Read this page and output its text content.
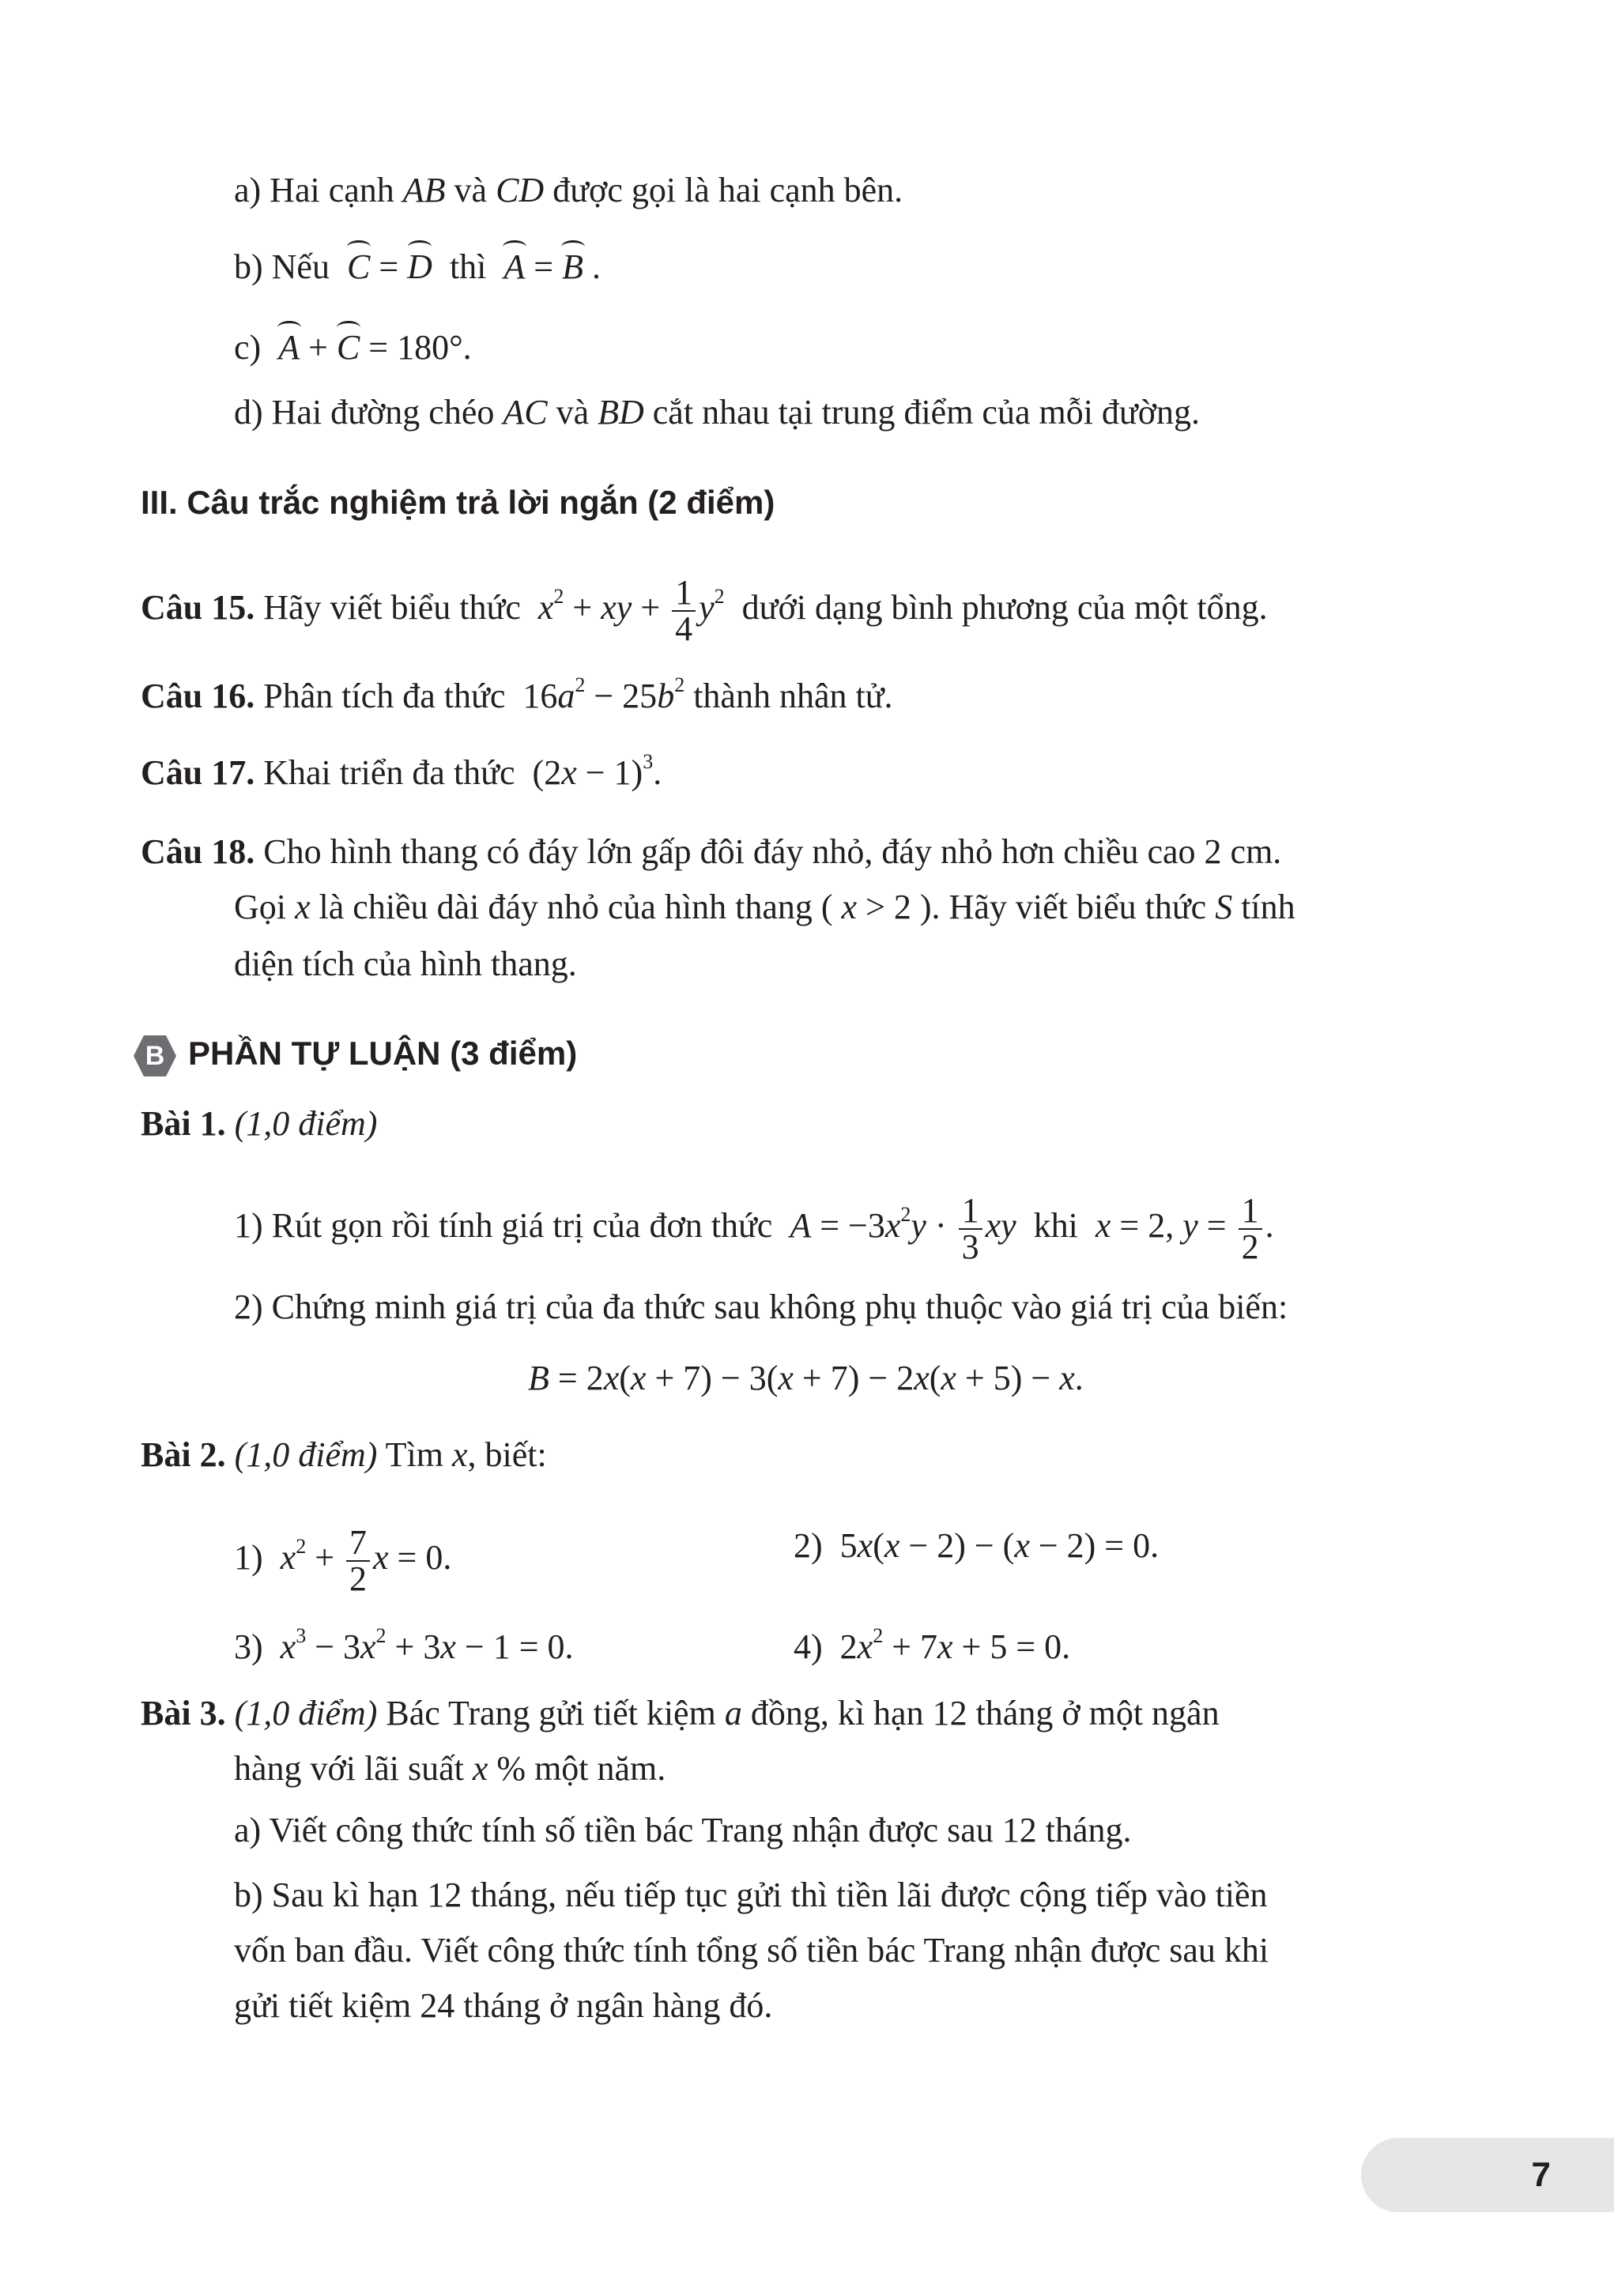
a) Hai cạnh AB và CD được gọi là hai cạnh bên.
b) Nếu C = D thì A = B .
c) A + C = 180°.
d) Hai đường chéo AC và BD cắt nhau tại trung điểm của mỗi đường.
III. Câu trắc nghiệm trả lời ngắn (2 điểm)
Câu 15. Hãy viết biểu thức  $x^2$ + xy + $\frac{1}{4} y^2$ dưới dạng bình phương của một tổng.
Câu 16. Phân tích đa thức $16a^2 - 25b^2$ thành nhân tử.
Câu 17. Khai triển đa thức $(2x - 1)^3$.
Câu 18. Cho hình thang có đáy lớn gấp đôi đáy nhỏ, đáy nhỏ hơn chiều cao 2 cm.
Gọi x là chiều dài đáy nhỏ của hình thang ( x > 2 ). Hãy viết biểu thức S tính
diện tích của hình thang.
B PHẦN TỰ LUẬN (3 điểm)
Bài 1. (1,0 điểm)
1) Rút gọn rồi tính giá trị của đơn thức  $A = -3x^2y \cdot \frac{1}{3}$ xy  khi  x = 2, $y = \frac{1}{2}$ .
2) Chứng minh giá trị của đa thức sau không phụ thuộc vào giá trị của biến:
B = 2x(x + 7) − 3(x + 7) − 2x(x + 5) − x.
Bài 2. (1,0 điểm) Tìm x, biết:
1)  $x^2 + \frac{7}{2}$ x = 0.	2) 5x(x − 2) − (x − 2) = 0.
3)  $x^3 - 3x^2 + 3x - 1 = 0$.	4) $2x^2 + 7x + 5 = 0$.
Bài 3. (1,0 điểm) Bác Trang gửi tiết kiệm a đồng, kì hạn 12 tháng ở một ngân
hàng với lãi suất x % một năm.
a) Viết công thức tính số tiền bác Trang nhận được sau 12 tháng.
b) Sau kì hạn 12 tháng, nếu tiếp tục gửi thì tiền lãi được cộng tiếp vào tiền
vốn ban đầu. Viết công thức tính tổng số tiền bác Trang nhận được sau khi
gửi tiết kiệm 24 tháng ở ngân hàng đó.
7
